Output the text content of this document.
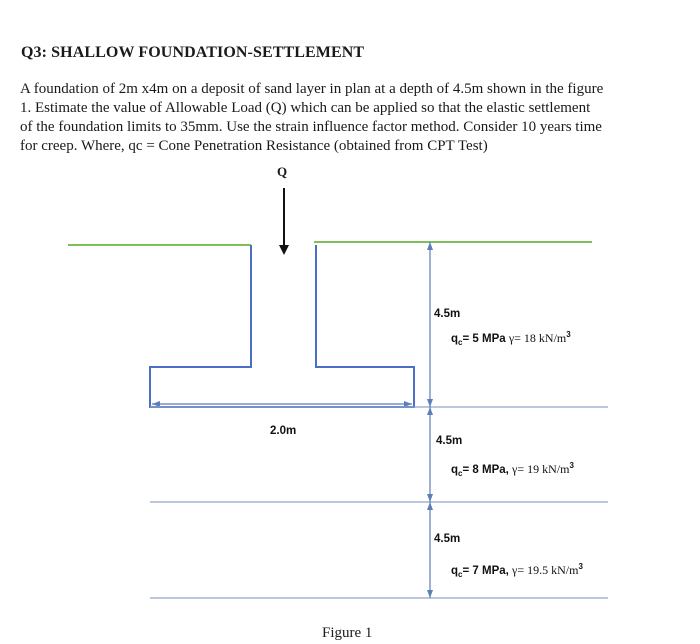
Q3: SHALLOW FOUNDATION-SETTLEMENT

A foundation of 2m x4m on a deposit of sand layer in plan at a depth of 4.5m shown in the figure
1. Estimate the value of Allowable Load (Q) which can be applied so that the elastic settlement
of the foundation limits to 35mm. Use the strain influence factor method. Consider 10 years time
for creep. Where, qc = Cone Penetration Resistance (obtained from CPT Test)

Q
2.0m
4.5m
$q_c= 5$ MPa γ= 18 $kN/m^3$
4.5m
$q_c= 8$ MPa, γ= 19 $kN/m^3$
4.5m
$q_c= 7$ MPa, γ= 19.5 $kN/m^3$
Figure 1
